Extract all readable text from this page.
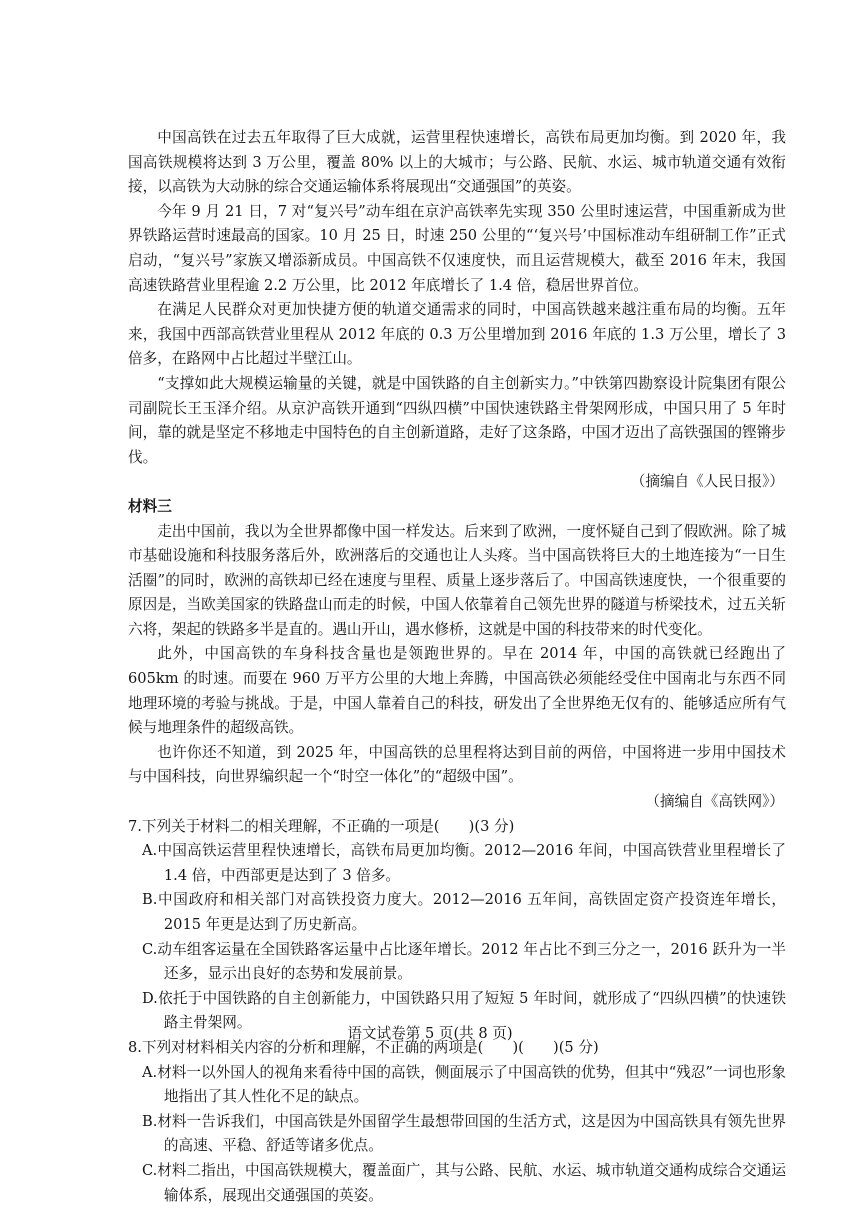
中国高铁在过去五年取得了巨大成就，运营里程快速增长，高铁布局更加均衡。到 2020 年，我国高铁规模将达到 3 万公里，覆盖 80% 以上的大城市；与公路、民航、水运、城市轨道交通有效衔接，以高铁为大动脉的综合交通运输体系将展现出“交通强国”的英姿。

今年 9 月 21 日，7 对“复兴号”动车组在京沪高铁率先实现 350 公里时速运营，中国重新成为世界铁路运营时速最高的国家。10 月 25 日，时速 250 公里的“‘复兴号’中国标准动车组研制工作”正式启动，“复兴号”家族又增添新成员。中国高铁不仅速度快，而且运营规模大，截至 2016 年末，我国高速铁路营业里程逾 2.2 万公里，比 2012 年底增长了 1.4 倍，稳居世界首位。

在满足人民群众对更加快捷方便的轨道交通需求的同时，中国高铁越来越注重布局的均衡。五年来，我国中西部高铁营业里程从 2012 年底的 0.3 万公里增加到 2016 年底的 1.3 万公里，增长了 3 倍多，在路网中占比超过半壁江山。

“支撑如此大规模运输量的关键，就是中国铁路的自主创新实力。”中铁第四勘察设计院集团有限公司副院长王玉泽介绍。从京沪高铁开通到“四纵四横”中国快速铁路主骨架网形成，中国只用了 5 年时间，靠的就是坚定不移地走中国特色的自主创新道路，走好了这条路，中国才迈出了高铁强国的铿锵步伐。

（摘编自《人民日报》）

材料三

走出中国前，我以为全世界都像中国一样发达。后来到了欧洲，一度怀疑自己到了假欧洲。除了城市基础设施和科技服务落后外，欧洲落后的交通也让人头疼。当中国高铁将巨大的土地连接为“一日生活圈”的同时，欧洲的高铁却已经在速度与里程、质量上逐步落后了。中国高铁速度快，一个很重要的原因是，当欧美国家的铁路盘山而走的时候，中国人依靠着自己领先世界的隧道与桥梁技术，过五关斩六将，架起的铁路多半是直的。遇山开山，遇水修桥，这就是中国的科技带来的时代变化。

此外，中国高铁的车身科技含量也是领跑世界的。早在 2014 年，中国的高铁就已经跑出了 605km 的时速。而要在 960 万平方公里的大地上奔腾，中国高铁必须能经受住中国南北与东西不同地理环境的考验与挑战。于是，中国人靠着自己的科技，研发出了全世界绝无仅有的、能够适应所有气候与地理条件的超级高铁。

也许你还不知道，到 2025 年，中国高铁的总里程将达到目前的两倍，中国将进一步用中国技术与中国科技，向世界编织起一个“时空一体化”的“超级中国”。

（摘编自《高铁网》）

7.下列关于材料二的相关理解，不正确的一项是(　　)(3 分)

A.中国高铁运营里程快速增长，高铁布局更加均衡。2012—2016 年间，中国高铁营业里程增长了 1.4 倍，中西部更是达到了 3 倍多。

B.中国政府和相关部门对高铁投资力度大。2012—2016 五年间，高铁固定资产投资连年增长，2015 年更是达到了历史新高。

C.动车组客运量在全国铁路客运量中占比逐年增长。2012 年占比不到三分之一，2016 跃升为一半还多，显示出良好的态势和发展前景。

D.依托于中国铁路的自主创新能力，中国铁路只用了短短 5 年时间，就形成了“四纵四横”的快速铁路主骨架网。

8.下列对材料相关内容的分析和理解，不正确的两项是(　　)(　　)(5 分)

A.材料一以外国人的视角来看待中国的高铁，侧面展示了中国高铁的优势，但其中“残忍”一词也形象地指出了其人性化不足的缺点。

B.材料一告诉我们，中国高铁是外国留学生最想带回国的生活方式，这是因为中国高铁具有领先世界的高速、平稳、舒适等诸多优点。

C.材料二指出，中国高铁规模大，覆盖面广，其与公路、民航、水运、城市轨道交通构成综合交通运输体系，展现出交通强国的英姿。

语文试卷第 5 页(共 8 页)
